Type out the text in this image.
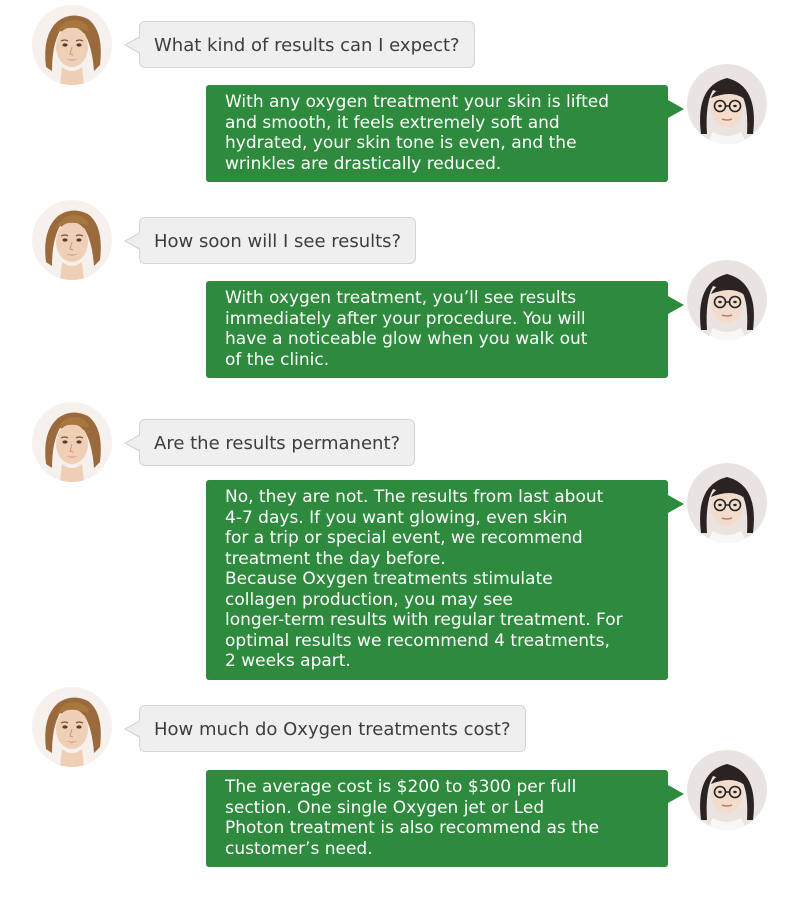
What kind of results can I expect?
With any oxygen treatment your skin is lifted
and smooth, it feels extremely soft and
hydrated, your skin tone is even, and the
wrinkles are drastically reduced.
How soon will I see results?
With oxygen treatment, you’ll see results
immediately after your procedure. You will
have a noticeable glow when you walk out
of the clinic.
Are the results permanent?
No, they are not. The results from last about
4-7 days. If you want glowing, even skin
for a trip or special event, we recommend
treatment the day before.
Because Oxygen treatments stimulate
collagen production, you may see
longer-term results with regular treatment. For
optimal results we recommend 4 treatments,
2 weeks apart.
How much do Oxygen treatments cost?
The average cost is $200 to $300 per full
section. One single Oxygen jet or Led
Photon treatment is also recommend as the
customer’s need.
